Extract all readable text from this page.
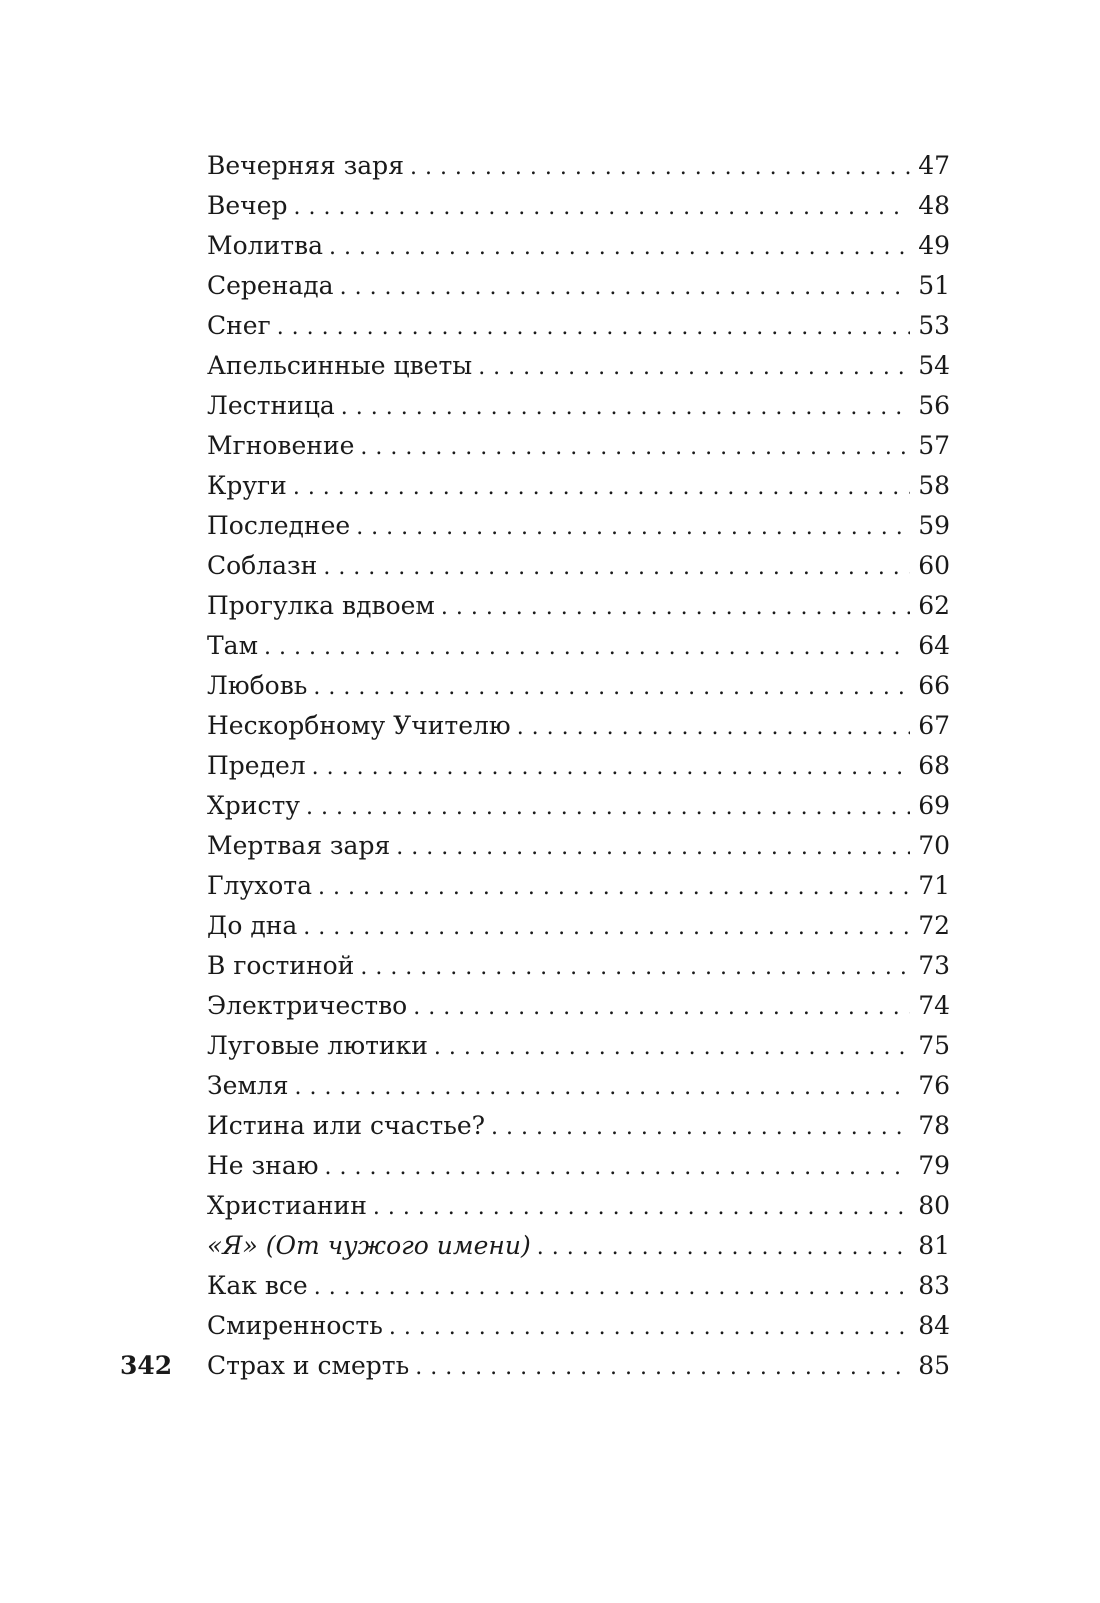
Вечерняя заря . . .	47
Вечер . . .	48
Молитва . . .	49
Серенада . . .	51
Снег . . .	53
Апельсинные цветы . . .	54
Лестница . . .	56
Мгновение . . .	57
Круги . . .	58
Последнее . . .	59
Соблазн . . .	60
Прогулка вдвоем . . .	62
Там . . .	64
Любовь . . .	66
Нескорбному Учителю . . .	67
Предел . . .	68
Христу . . .	69
Мертвая заря . . .	70
Глухота . . .	71
До дна . . .	72
В гостиной . . .	73
Электричество . . .	74
Луговые лютики . . .	75
Земля . . .	76
Истина или счастье? . . .	78
Не знаю . . .	79
Христианин . . .	80
«Я» (От чужого имени) . . .	81
Как все . . .	83
Смиренность . . .	84
Страх и смерть . . .	85
342
